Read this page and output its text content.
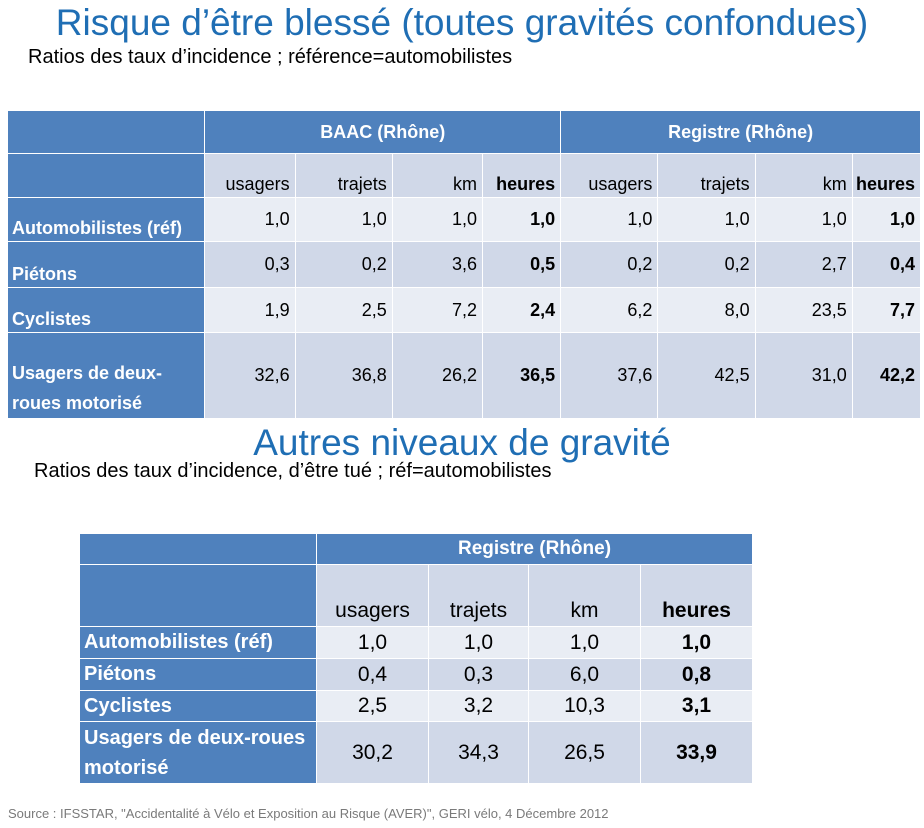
Risque d’être blessé (toutes gravités confondues)

Ratios des taux d’incidence ; référence=automobilistes

	BAAC (Rhône)				Registre (Rhône)			
	usagers	trajets	km	heures	usagers	trajets	km	heures
Automobilistes (réf)	1,0	1,0	1,0	1,0	1,0	1,0	1,0	1,0
Piétons	0,3	0,2	3,6	0,5	0,2	0,2	2,7	0,4
Cyclistes	1,9	2,5	7,2	2,4	6,2	8,0	23,5	7,7
Usagers de deux-roues motorisé	32,6	36,8	26,2	36,5	37,6	42,5	31,0	42,2
Autres niveaux de gravité

Ratios des taux d’incidence, d’être tué ; réf=automobilistes

	Registre (Rhône)			
	usagers	trajets	km	heures
Automobilistes (réf)	1,0	1,0	1,0	1,0
Piétons	0,4	0,3	6,0	0,8
Cyclistes	2,5	3,2	10,3	3,1
Usagers de deux-roues motorisé	30,2	34,3	26,5	33,9
Source : IFSSTAR, "Accidentalité à Vélo et Exposition au Risque (AVER)", GERI vélo, 4 Décembre 2012
